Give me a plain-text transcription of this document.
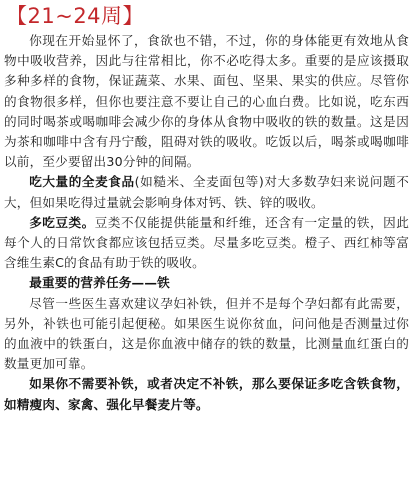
【21~24周】

你现在开始显怀了，食欲也不错，不过，你的身体能更有效地从食物中吸收营养，因此与往常相比，你不必吃得太多。重要的是应该摄取多种多样的食物，保证蔬菜、水果、面包、坚果、果实的供应。尽管你的食物很多样，但你也要注意不要让自己的心血白费。比如说，吃东西的同时喝茶或喝咖啡会减少你的身体从食物中吸收的铁的数量。这是因为茶和咖啡中含有丹宁酸，阻碍对铁的吸收。吃饭以后，喝茶或喝咖啡以前，至少要留出30分钟的间隔。

吃大量的全麦食品(如糙米、全麦面包等)对大多数孕妇来说问题不大，但如果吃得过量就会影响身体对钙、铁、锌的吸收。

多吃豆类。豆类不仅能提供能量和纤维，还含有一定量的铁，因此每个人的日常饮食都应该包括豆类。尽量多吃豆类。橙子、西红柿等富含维生素C的食品有助于铁的吸收。

最重要的营养任务——铁

尽管一些医生喜欢建议孕妇补铁，但并不是每个孕妇都有此需要，另外，补铁也可能引起便秘。如果医生说你贫血，问问他是否测量过你的血液中的铁蛋白，这是你血液中储存的铁的数量，比测量血红蛋白的数量更加可靠。

如果你不需要补铁，或者决定不补铁，那么要保证多吃含铁食物，如精瘦肉、家禽、强化早餐麦片等。
